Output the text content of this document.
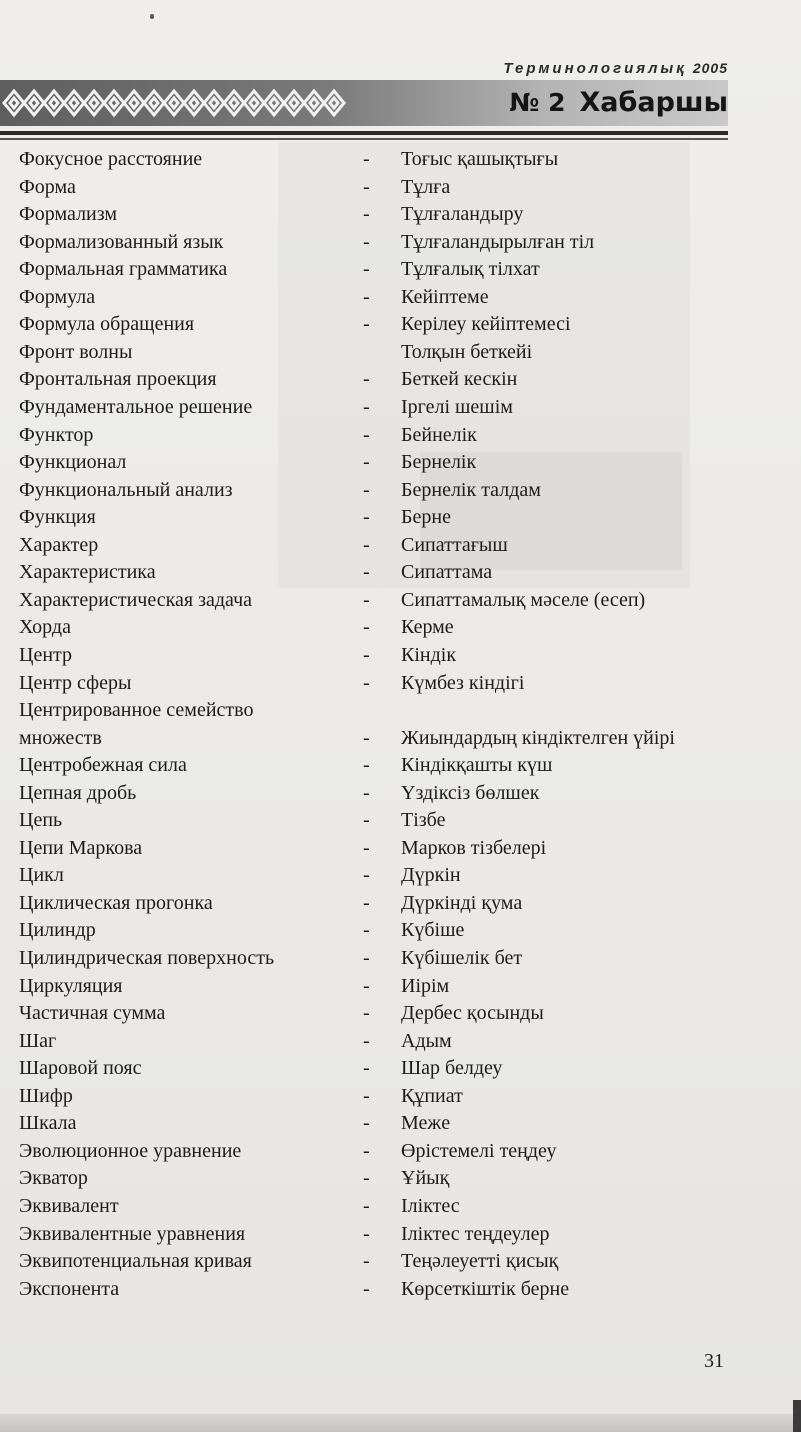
Терминологиялық 2005
№ 2 Хабаршы
Фокусное расстояние	- Тоғыс қашықтығы
Форма	- Тұлға
Формализм	- Тұлғаландыру
Формализованный язык	- Тұлғаландырылған тіл
Формальная грамматика	- Тұлғалық тілхат
Формула	- Кейіптеме
Формула обращения	- Керілеу кейіптемесі
Фронт волны	Толқын беткейі
Фронтальная проекция	- Беткей кескін
Фундаментальное решение	- Іргелі шешім
Функтор	- Бейнелік
Функционал	- Бернелік
Функциональный анализ	- Бернелік талдам
Функция	- Берне
Характер	- Сипаттағыш
Характеристика	- Сипаттама
Характеристическая задача	- Сипаттамалық мәселе (есеп)
Хорда	- Керме
Центр	- Кіндік
Центр сферы	- Күмбез кіндігі
Центрированное семейство
множеств	- Жиындардың кіндіктелген үйірі
Центробежная сила	- Кіндікқашты күш
Цепная дробь	- Үздіксіз бөлшек
Цепь	- Тізбе
Цепи Маркова	- Марков тізбелері
Цикл	- Дүркін
Циклическая прогонка	- Дүркінді қума
Цилиндр	- Күбіше
Цилиндрическая поверхность	- Күбішелік бет
Циркуляция	- Иірім
Частичная сумма	- Дербес қосынды
Шаг	- Адым
Шаровой пояс	- Шар белдеу
Шифр	- Құпиат
Шкала	- Межe
Эволюционное уравнение	- Өрістемелі теңдеу
Экватор	- Ұйық
Эквивалент	- Іліктес
Эквивалентные уравнения	- Іліктес теңдеулер
Эквипотенциальная кривая	- Теңәлеуетті қисық
Экспонента	- Көрсеткіштік берне
31
